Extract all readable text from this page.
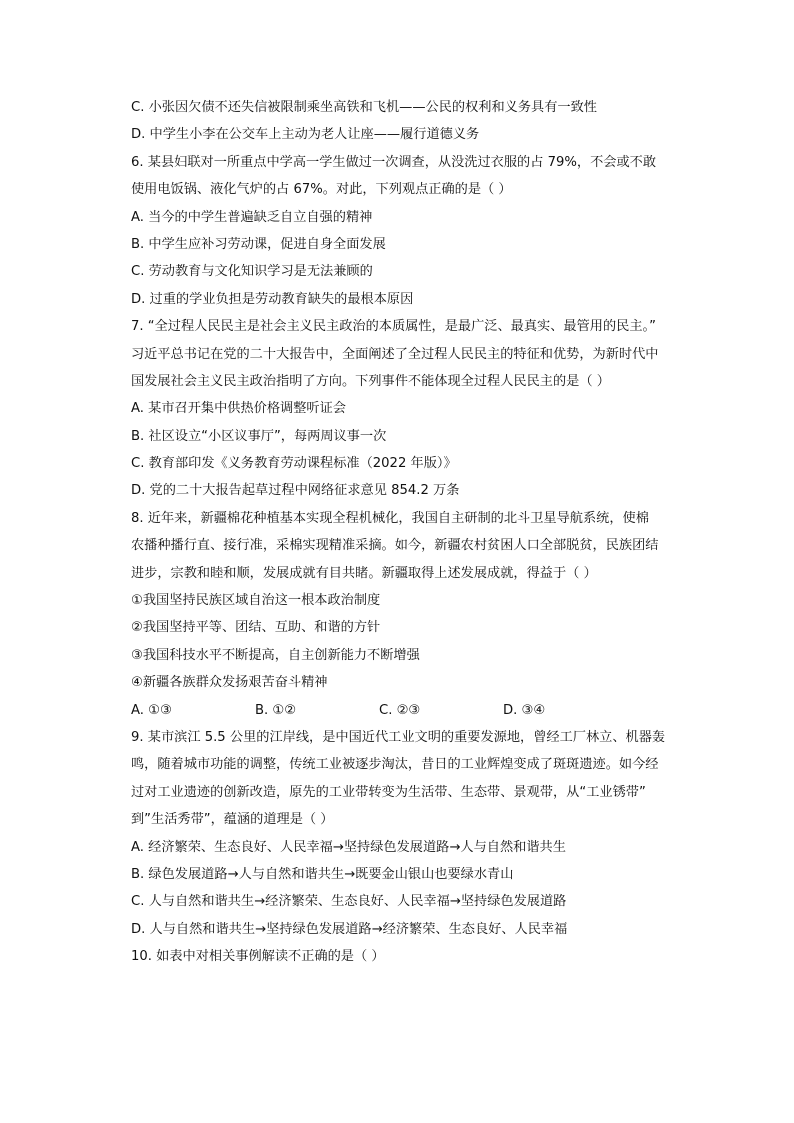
C. 小张因欠债不还失信被限制乘坐高铁和飞机——公民的权利和义务具有一致性
D. 中学生小李在公交车上主动为老人让座——履行道德义务
6. 某县妇联对一所重点中学高一学生做过一次调查，从没洗过衣服的占 79%，不会或不敢
使用电饭锅、液化气炉的占 67%。对此，下列观点正确的是（ ）
A. 当今的中学生普遍缺乏自立自强的精神
B. 中学生应补习劳动课，促进自身全面发展
C. 劳动教育与文化知识学习是无法兼顾的
D. 过重的学业负担是劳动教育缺失的最根本原因
7. “全过程人民民主是社会主义民主政治的本质属性，是最广泛、最真实、最管用的民主。”
习近平总书记在党的二十大报告中，全面阐述了全过程人民民主的特征和优势，为新时代中
国发展社会主义民主政治指明了方向。下列事件不能体现全过程人民民主的是（ ）
A. 某市召开集中供热价格调整听证会
B. 社区设立“小区议事厅”，每两周议事一次
C. 教育部印发《义务教育劳动课程标准（2022 年版）》
D. 党的二十大报告起草过程中网络征求意见 854.2 万条
8. 近年来，新疆棉花种植基本实现全程机械化，我国自主研制的北斗卫星导航系统，使棉
农播种播行直、接行准，采棉实现精准采摘。如今，新疆农村贫困人口全部脱贫，民族团结
进步，宗教和睦和顺，发展成就有目共睹。新疆取得上述发展成就，得益于（ ）
①我国坚持民族区域自治这一根本政治制度
②我国坚持平等、团结、互助、和谐的方针
③我国科技水平不断提高，自主创新能力不断增强
④新疆各族群众发扬艰苦奋斗精神
A. ①③	B. ①②	C. ②③	D. ③④
9. 某市滨江 5.5 公里的江岸线，是中国近代工业文明的重要发源地，曾经工厂林立、机器轰
鸣，随着城市功能的调整，传统工业被逐步淘汰，昔日的工业辉煌变成了斑斑遗迹。如今经
过对工业遗迹的创新改造，原先的工业带转变为生活带、生态带、景观带，从“工业锈带”
到”生活秀带”，蕴涵的道理是（ ）
A. 经济繁荣、生态良好、人民幸福→坚持绿色发展道路→人与自然和谐共生
B. 绿色发展道路→人与自然和谐共生→既要金山银山也要绿水青山
C. 人与自然和谐共生→经济繁荣、生态良好、人民幸福→坚持绿色发展道路
D. 人与自然和谐共生→坚持绿色发展道路→经济繁荣、生态良好、人民幸福
10. 如表中对相关事例解读不正确的是（ ）
